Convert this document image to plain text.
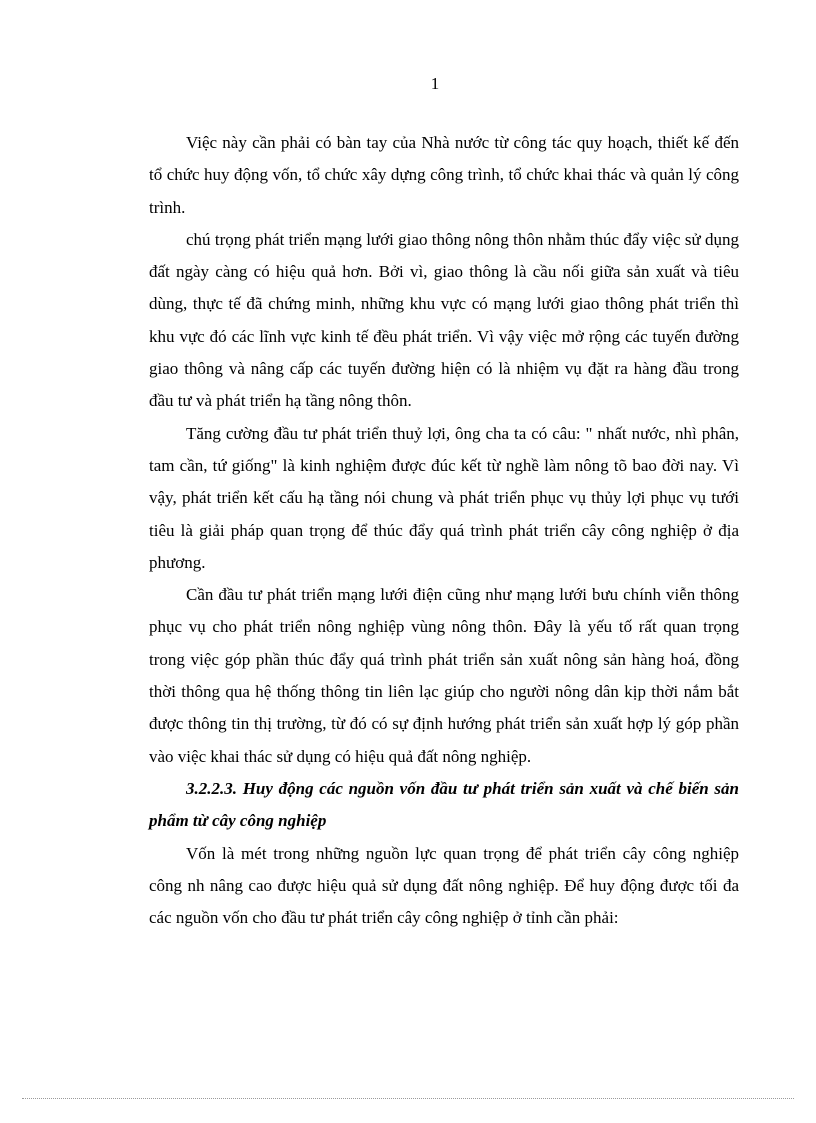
1

Việc này cần phải có bàn tay của Nhà nước từ công tác quy hoạch, thiết kế đến tổ chức huy động vốn, tổ chức xây dựng công trình, tổ chức khai thác và quản lý công trình.

chú trọng phát triển mạng lưới giao thông nông thôn nhằm thúc đẩy việc sử dụng đất ngày càng có hiệu quả hơn. Bởi vì, giao thông là cầu nối giữa sản xuất và tiêu dùng, thực tế đã chứng minh, những khu vực có mạng lưới giao thông phát triển thì khu vực đó các lĩnh vực kinh tế đều phát triển. Vì vậy việc mở rộng các tuyến đường giao thông và nâng cấp các tuyến đường hiện có là nhiệm vụ đặt ra hàng đầu trong đầu tư và phát triển hạ tầng nông thôn.

Tăng cường đầu tư phát triển thuỷ lợi, ông cha ta có câu: " nhất nước, nhì phân, tam cần, tứ giống" là kinh nghiệm được đúc kết từ nghề làm nông tõ bao đời nay. Vì vậy, phát triển kết cấu hạ tầng nói chung và phát triển phục vụ thủy lợi phục vụ tưới tiêu là giải pháp quan trọng để thúc đẩy quá trình phát triển cây công nghiệp ở địa phương.

Cần đầu tư phát triển mạng lưới điện cũng như mạng lưới bưu chính viễn thông phục vụ cho phát triển nông nghiệp vùng nông thôn. Đây là yếu tố rất quan trọng trong việc góp phần thúc đẩy quá trình phát triển sản xuất nông sản hàng hoá, đồng thời thông qua hệ thống thông tin liên lạc giúp cho người nông dân kịp thời nắm bắt được thông tin thị trường, từ đó có sự định hướng phát triển sản xuất hợp lý góp phần vào việc khai thác sử dụng có hiệu quả đất nông nghiệp.

3.2.2.3. Huy động các nguồn vốn đầu tư phát triển sản xuất và chế biến sản phẩm từ cây công nghiệp

Vốn là mét trong những nguồn lực quan trọng để phát triển cây công nghiệp công nh nâng cao được hiệu quả sử dụng đất nông nghiệp. Để huy động được tối đa các nguồn vốn cho đầu tư phát triển cây công nghiệp ở tỉnh cần phải:
